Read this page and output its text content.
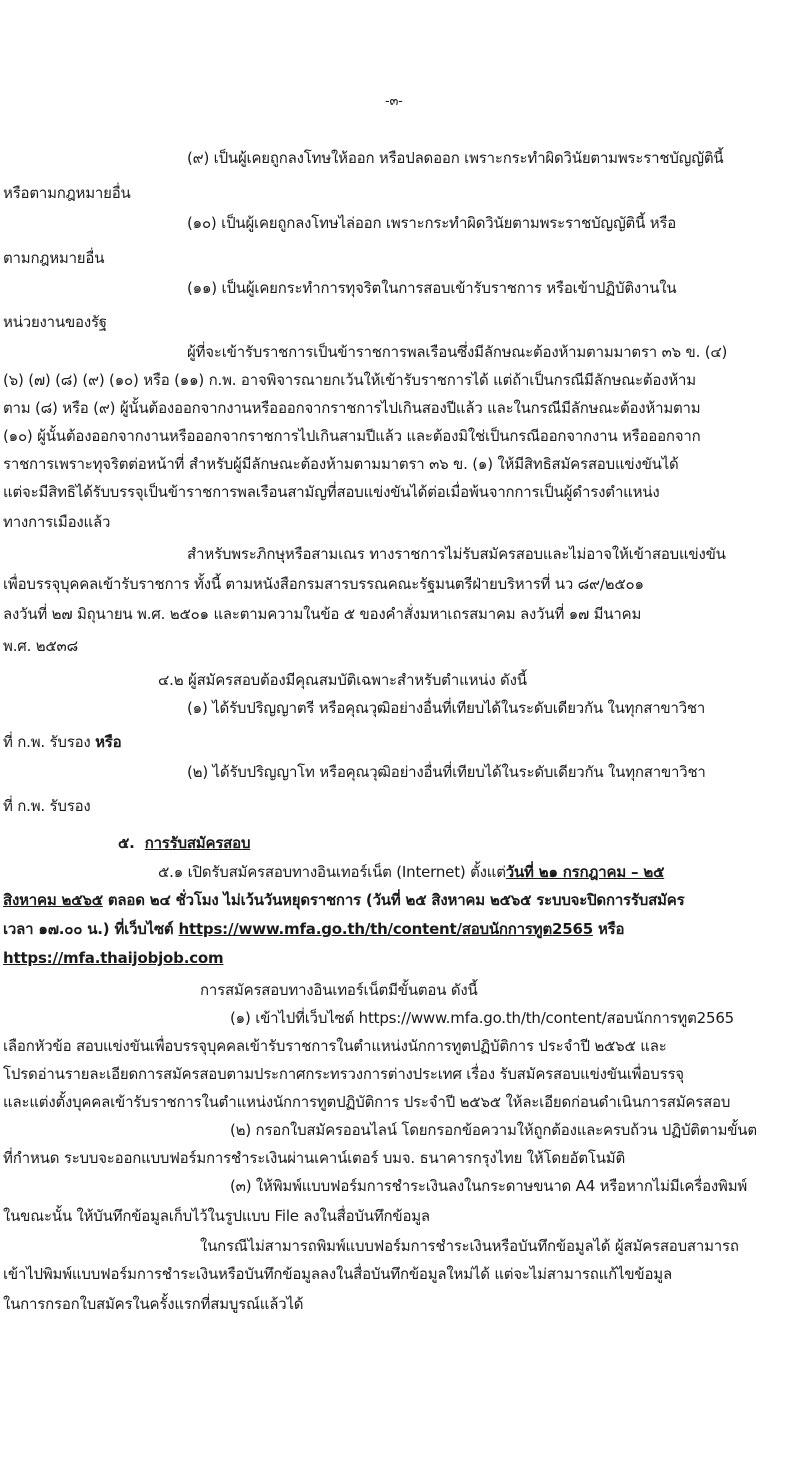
-๓-
(๙) เป็นผู้เคยถูกลงโทษให้ออก หรือปลดออก เพราะกระทำผิดวินัยตามพระราชบัญญัตินี้
หรือตามกฎหมายอื่น
(๑๐) เป็นผู้เคยถูกลงโทษไล่ออก เพราะกระทำผิดวินัยตามพระราชบัญญัตินี้ หรือ
ตามกฎหมายอื่น
(๑๑) เป็นผู้เคยกระทำการทุจริตในการสอบเข้ารับราชการ หรือเข้าปฏิบัติงานใน
หน่วยงานของรัฐ
ผู้ที่จะเข้ารับราชการเป็นข้าราชการพลเรือนซึ่งมีลักษณะต้องห้ามตามมาตรา ๓๖ ข. (๔)
(๖) (๗) (๘) (๙) (๑๐) หรือ (๑๑) ก.พ. อาจพิจารณายกเว้นให้เข้ารับราชการได้ แต่ถ้าเป็นกรณีมีลักษณะต้องห้าม
ตาม (๘) หรือ (๙) ผู้นั้นต้องออกจากงานหรือออกจากราชการไปเกินสองปีแล้ว และในกรณีมีลักษณะต้องห้ามตาม
(๑๐) ผู้นั้นต้องออกจากงานหรือออกจากราชการไปเกินสามปีแล้ว และต้องมิใช่เป็นกรณีออกจากงาน หรือออกจาก
ราชการเพราะทุจริตต่อหน้าที่ สำหรับผู้มีลักษณะต้องห้ามตามมาตรา ๓๖ ข. (๑) ให้มีสิทธิสมัครสอบแข่งขันได้
แต่จะมีสิทธิได้รับบรรจุเป็นข้าราชการพลเรือนสามัญที่สอบแข่งขันได้ต่อเมื่อพ้นจากการเป็นผู้ดำรงตำแหน่ง
ทางการเมืองแล้ว
สำหรับพระภิกษุหรือสามเณร ทางราชการไม่รับสมัครสอบและไม่อาจให้เข้าสอบแข่งขัน
เพื่อบรรจุบุคคลเข้ารับราชการ ทั้งนี้ ตามหนังสือกรมสารบรรณคณะรัฐมนตรีฝ่ายบริหารที่ นว ๘๙/๒๕๐๑
ลงวันที่ ๒๗ มิถุนายน พ.ศ. ๒๕๐๑ และตามความในข้อ ๕ ของคำสั่งมหาเถรสมาคม ลงวันที่ ๑๗ มีนาคม
พ.ศ. ๒๕๓๘
๔.๒ ผู้สมัครสอบต้องมีคุณสมบัติเฉพาะสำหรับตำแหน่ง ดังนี้
(๑) ได้รับปริญญาตรี หรือคุณวุฒิอย่างอื่นที่เทียบได้ในระดับเดียวกัน ในทุกสาขาวิชา
ที่ ก.พ. รับรอง หรือ
(๒) ได้รับปริญญาโท หรือคุณวุฒิอย่างอื่นที่เทียบได้ในระดับเดียวกัน ในทุกสาขาวิชา
ที่ ก.พ. รับรอง
๕. การรับสมัครสอบ
๕.๑ เปิดรับสมัครสอบทางอินเทอร์เน็ต (Internet) ตั้งแต่วันที่ ๒๑ กรกฎาคม – ๒๕
สิงหาคม ๒๕๖๕ ตลอด ๒๔ ชั่วโมง ไม่เว้นวันหยุดราชการ (วันที่ ๒๕ สิงหาคม ๒๕๖๕ ระบบจะปิดการรับสมัคร
เวลา ๑๗.๐๐ น.) ที่เว็บไซต์ https://www.mfa.go.th/th/content/สอบนักการทูต2565 หรือ
https://mfa.thaijobjob.com
การสมัครสอบทางอินเทอร์เน็ตมีขั้นตอน ดังนี้
(๑) เข้าไปที่เว็บไซต์ https://www.mfa.go.th/th/content/สอบนักการทูต2565
เลือกหัวข้อ สอบแข่งขันเพื่อบรรจุบุคคลเข้ารับราชการในตำแหน่งนักการทูตปฏิบัติการ ประจำปี ๒๕๖๕ และ
โปรดอ่านรายละเอียดการสมัครสอบตามประกาศกระทรวงการต่างประเทศ เรื่อง รับสมัครสอบแข่งขันเพื่อบรรจุ
และแต่งตั้งบุคคลเข้ารับราชการในตำแหน่งนักการทูตปฏิบัติการ ประจำปี ๒๕๖๕ ให้ละเอียดก่อนดำเนินการสมัครสอบ
(๒) กรอกใบสมัครออนไลน์ โดยกรอกข้อความให้ถูกต้องและครบถ้วน ปฏิบัติตามขั้นต
ที่กำหนด ระบบจะออกแบบฟอร์มการชำระเงินผ่านเคาน์เตอร์ บมจ. ธนาคารกรุงไทย ให้โดยอัตโนมัติ
(๓) ให้พิมพ์แบบฟอร์มการชำระเงินลงในกระดาษขนาด A4 หรือหากไม่มีเครื่องพิมพ์
ในขณะนั้น ให้บันทึกข้อมูลเก็บไว้ในรูปแบบ File ลงในสื่อบันทึกข้อมูล
ในกรณีไม่สามารถพิมพ์แบบฟอร์มการชำระเงินหรือบันทึกข้อมูลได้ ผู้สมัครสอบสามารถ
เข้าไปพิมพ์แบบฟอร์มการชำระเงินหรือบันทึกข้อมูลลงในสื่อบันทึกข้อมูลใหม่ได้ แต่จะไม่สามารถแก้ไขข้อมูล
ในการกรอกใบสมัครในครั้งแรกที่สมบูรณ์แล้วได้
